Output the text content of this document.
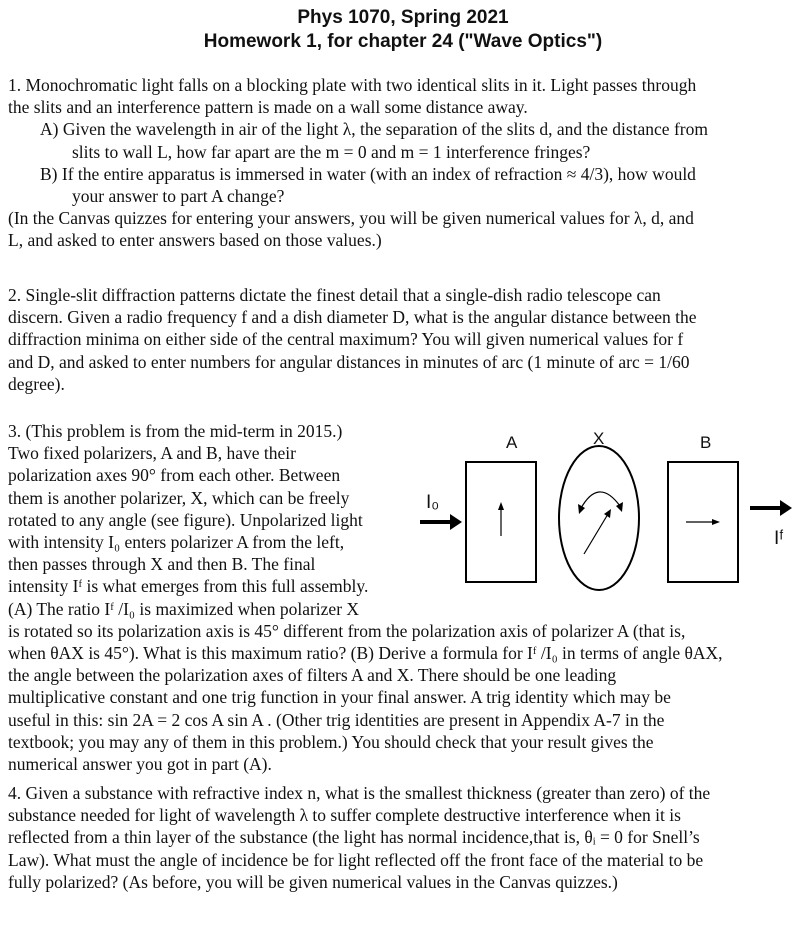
Phys 1070, Spring 2021
Homework 1, for chapter 24 ("Wave Optics")
1. Monochromatic light falls on a blocking plate with two identical slits in it. Light passes through
the slits and an interference pattern is made on a wall some distance away.
A) Given the wavelength in air of the light λ, the separation of the slits d, and the distance from
slits to wall L, how far apart are the m = 0 and m = 1 interference fringes?
B) If the entire apparatus is immersed in water (with an index of refraction ≈ 4/3), how would
your answer to part A change?
(In the Canvas quizzes for entering your answers, you will be given numerical values for λ, d, and
L, and asked to enter answers based on those values.)
2. Single-slit diffraction patterns dictate the finest detail that a single-dish radio telescope can
discern. Given a radio frequency f and a dish diameter D, what is the angular distance between the
diffraction minima on either side of the central maximum? You will given numerical values for f
and D, and asked to enter numbers for angular distances in minutes of arc (1 minute of arc = 1/60
degree).
3. (This problem is from the mid-term in 2015.)
Two fixed polarizers, A and B, have their
polarization axes 90° from each other. Between
them is another polarizer, X, which can be freely
rotated to any angle (see figure). Unpolarized light
with intensity I₀ enters polarizer A from the left,
then passes through X and then B. The final
intensity Iᶠ is what emerges from this full assembly.
(A) The ratio Iᶠ /I₀ is maximized when polarizer X
is rotated so its polarization axis is 45° different from the polarization axis of polarizer A (that is,
when θAX is 45°). What is this maximum ratio? (B) Derive a formula for Iᶠ /I₀ in terms of angle θAX,
the angle between the polarization axes of filters A and X. There should be one leading
multiplicative constant and one trig function in your final answer. A trig identity which may be
useful in this: sin 2A = 2 cos A sin A . (Other trig identities are present in Appendix A-7 in the
textbook; you may any of them in this problem.) You should check that your result gives the
numerical answer you got in part (A).
A	X	B
I₀
Iᶠ
4. Given a substance with refractive index n, what is the smallest thickness (greater than zero) of the
substance needed for light of wavelength λ to suffer complete destructive interference when it is
reflected from a thin layer of the substance (the light has normal incidence,that is, θᵢ = 0 for Snell’s
Law). What must the angle of incidence be for light reflected off the front face of the material to be
fully polarized? (As before, you will be given numerical values in the Canvas quizzes.)
